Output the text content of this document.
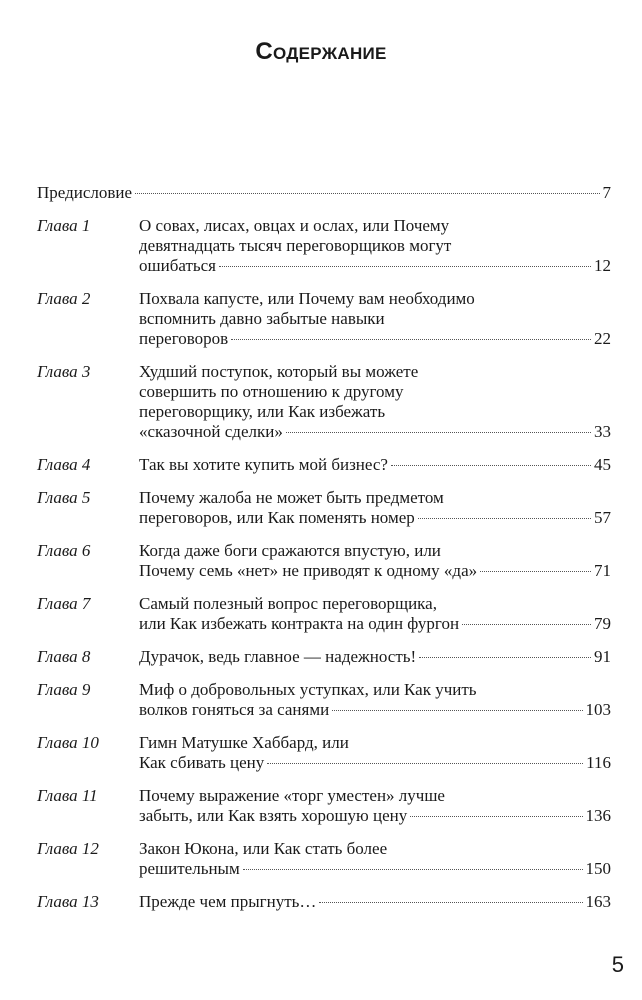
Содержание
Предисловие	7
Глава 1	О совах, лисах, овцах и ослах, или Почему
девятнадцать тысяч переговорщиков могут
ошибаться	12
Глава 2	Похвала капусте, или Почему вам необходимо
вспомнить давно забытые навыки
переговоров	22
Глава 3	Худший поступок, который вы можете
совершить по отношению к другому
переговорщику, или Как избежать
«сказочной сделки»	33
Глава 4	Так вы хотите купить мой бизнес?	45
Глава 5	Почему жалоба не может быть предметом
переговоров, или Как поменять номер	57
Глава 6	Когда даже боги сражаются впустую, или
Почему семь «нет» не приводят к одному «да»	71
Глава 7	Самый полезный вопрос переговорщика,
или Как избежать контракта на один фургон	79
Глава 8	Дурачок, ведь главное — надежность!	91
Глава 9	Миф о добровольных уступках, или Как учить
волков гоняться за санями	103
Глава 10	Гимн Матушке Хаббард, или
Как сбивать цену	116
Глава 11	Почему выражение «торг уместен» лучше
забыть, или Как взять хорошую цену	136
Глава 12	Закон Юкона, или Как стать более
решительным	150
Глава 13	Прежде чем прыгнуть…	163
5
